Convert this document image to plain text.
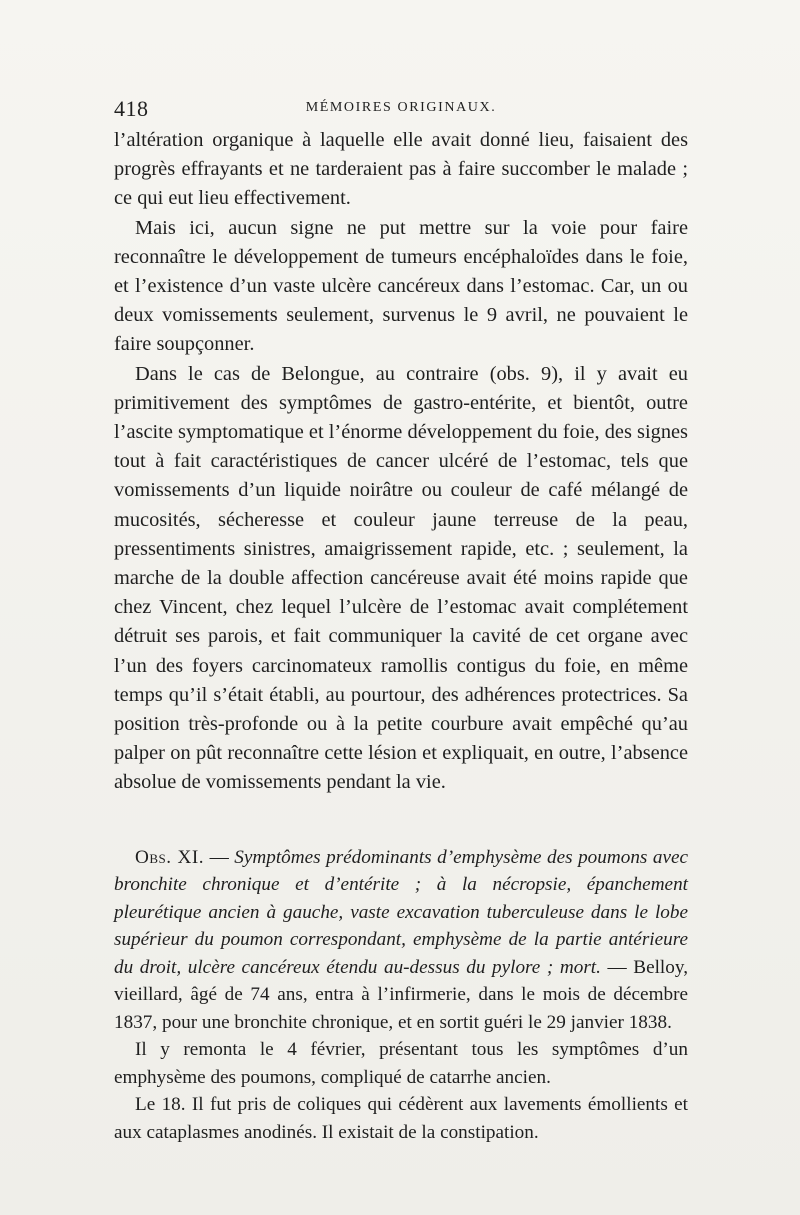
418	MÉMOIRES ORIGINAUX.

l’altération organique à laquelle elle avait donné lieu, faisaient des progrès effrayants et ne tarderaient pas à faire succomber le malade ; ce qui eut lieu effectivement.

Mais ici, aucun signe ne put mettre sur la voie pour faire reconnaître le développement de tumeurs encéphaloïdes dans le foie, et l’existence d’un vaste ulcère cancéreux dans l’estomac. Car, un ou deux vomissements seulement, survenus le 9 avril, ne pouvaient le faire soupçonner.

Dans le cas de Belongue, au contraire (obs. 9), il y avait eu primitivement des symptômes de gastro-entérite, et bientôt, outre l’ascite symptomatique et l’énorme développement du foie, des signes tout à fait caractéristiques de cancer ulcéré de l’estomac, tels que vomissements d’un liquide noirâtre ou couleur de café mélangé de mucosités, sécheresse et couleur jaune terreuse de la peau, pressentiments sinistres, amaigrissement rapide, etc. ; seulement, la marche de la double affection cancéreuse avait été moins rapide que chez Vincent, chez lequel l’ulcère de l’estomac avait complétement détruit ses parois, et fait communiquer la cavité de cet organe avec l’un des foyers carcinomateux ramollis contigus du foie, en même temps qu’il s’était établi, au pourtour, des adhérences protectrices. Sa position très-profonde ou à la petite courbure avait empêché qu’au palper on pût reconnaître cette lésion et expliquait, en outre, l’absence absolue de vomissements pendant la vie.

Obs. XI. — Symptômes prédominants d’emphysème des poumons avec bronchite chronique et d’entérite ; à la nécropsie, épanchement pleurétique ancien à gauche, vaste excavation tuberculeuse dans le lobe supérieur du poumon correspondant, emphysème de la partie antérieure du droit, ulcère cancéreux étendu au-dessus du pylore ; mort. — Belloy, vieillard, âgé de 74 ans, entra à l’infirmerie, dans le mois de décembre 1837, pour une bronchite chronique, et en sortit guéri le 29 janvier 1838.

Il y remonta le 4 février, présentant tous les symptômes d’un emphysème des poumons, compliqué de catarrhe ancien.

Le 18. Il fut pris de coliques qui cédèrent aux lavements émollients et aux cataplasmes anodinés. Il existait de la constipation.
